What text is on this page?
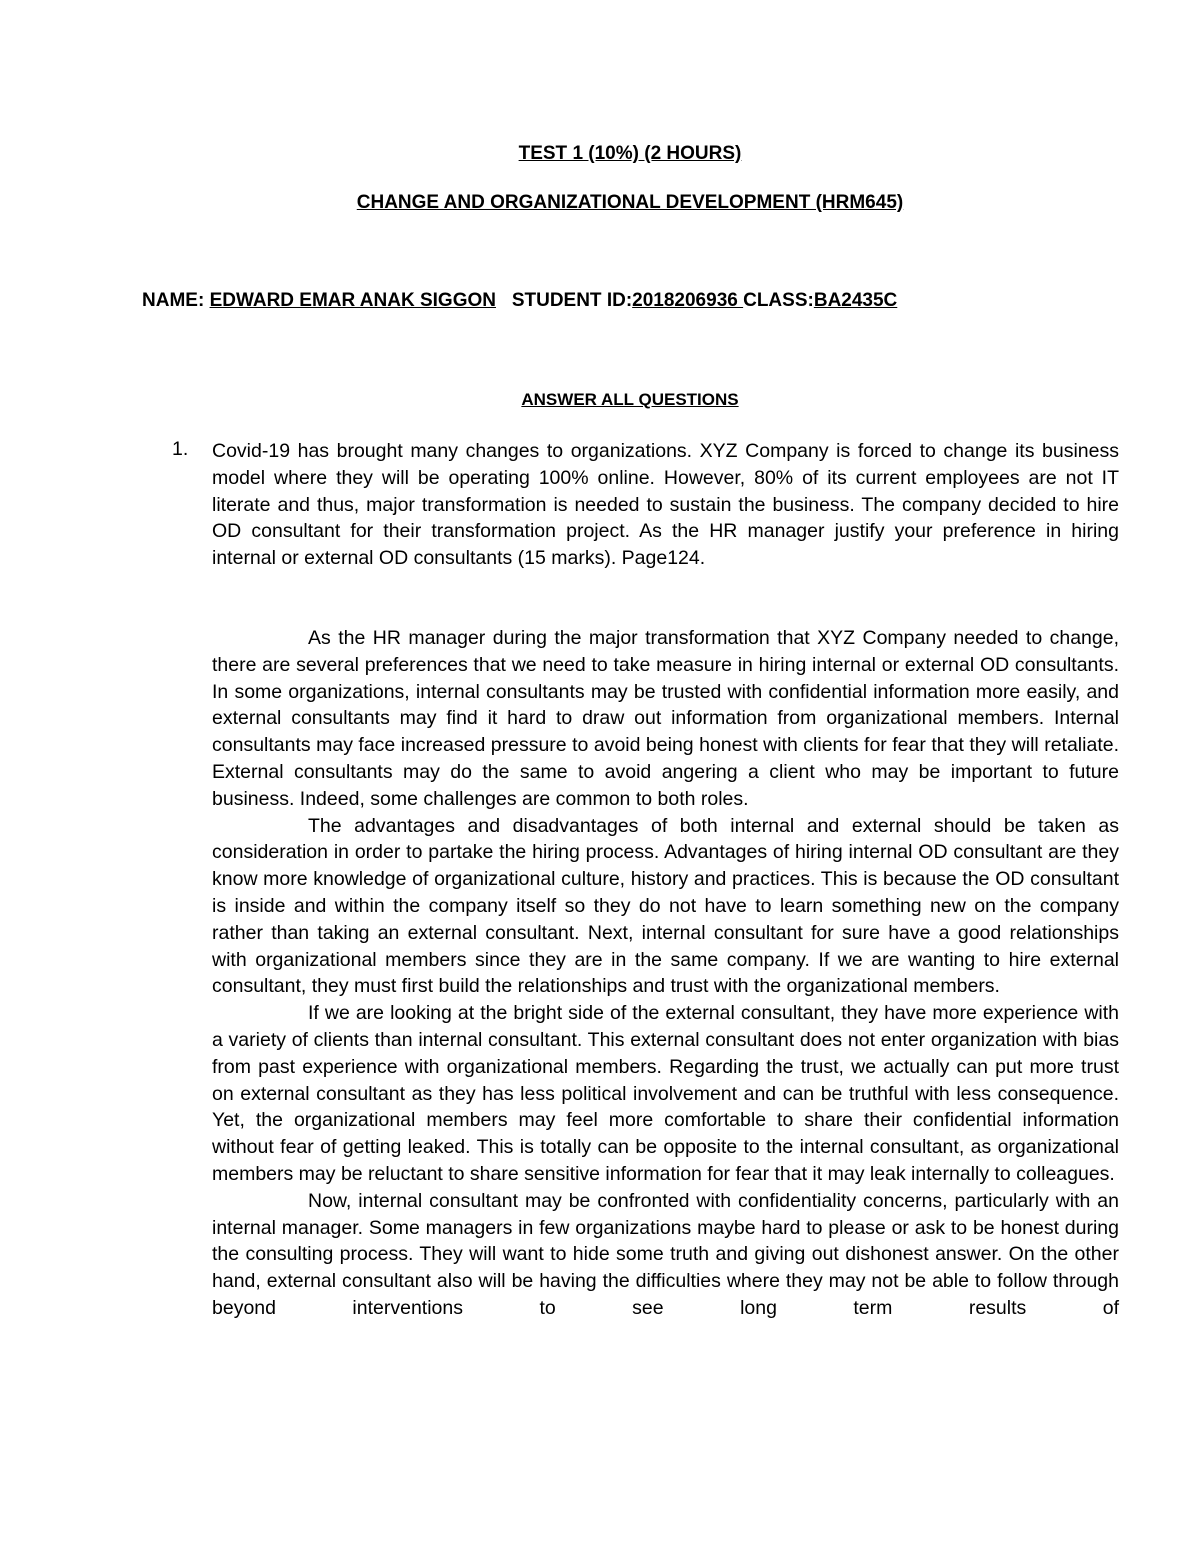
TEST 1 (10%) (2 HOURS)
CHANGE AND ORGANIZATIONAL DEVELOPMENT (HRM645)
NAME: EDWARD EMAR ANAK SIGGON   STUDENT ID:2018206936 CLASS:BA2435C
ANSWER ALL QUESTIONS
1. Covid-19 has brought many changes to organizations. XYZ Company is forced to change its business model where they will be operating 100% online. However, 80% of its current employees are not IT literate and thus, major transformation is needed to sustain the business. The company decided to hire OD consultant for their transformation project. As the HR manager justify your preference in hiring internal or external OD consultants (15 marks). Page124.

As the HR manager during the major transformation that XYZ Company needed to change, there are several preferences that we need to take measure in hiring internal or external OD consultants. In some organizations, internal consultants may be trusted with confidential information more easily, and external consultants may find it hard to draw out information from organizational members. Internal consultants may face increased pressure to avoid being honest with clients for fear that they will retaliate. External consultants may do the same to avoid angering a client who may be important to future business. Indeed, some challenges are common to both roles.

The advantages and disadvantages of both internal and external should be taken as consideration in order to partake the hiring process. Advantages of hiring internal OD consultant are they know more knowledge of organizational culture, history and practices. This is because the OD consultant is inside and within the company itself so they do not have to learn something new on the company rather than taking an external consultant. Next, internal consultant for sure have a good relationships with organizational members since they are in the same company. If we are wanting to hire external consultant, they must first build the relationships and trust with the organizational members.

If we are looking at the bright side of the external consultant, they have more experience with a variety of clients than internal consultant. This external consultant does not enter organization with bias from past experience with organizational members. Regarding the trust, we actually can put more trust on external consultant as they has less political involvement and can be truthful with less consequence. Yet, the organizational members may feel more comfortable to share their confidential information without fear of getting leaked. This is totally can be opposite to the internal consultant, as organizational members may be reluctant to share sensitive information for fear that it may leak internally to colleagues.

Now, internal consultant may be confronted with confidentiality concerns, particularly with an internal manager. Some managers in few organizations maybe hard to please or ask to be honest during the consulting process. They will want to hide some truth and giving out dishonest answer. On the other hand, external consultant also will be having the difficulties where they may not be able to follow through beyond interventions to see long term results of
